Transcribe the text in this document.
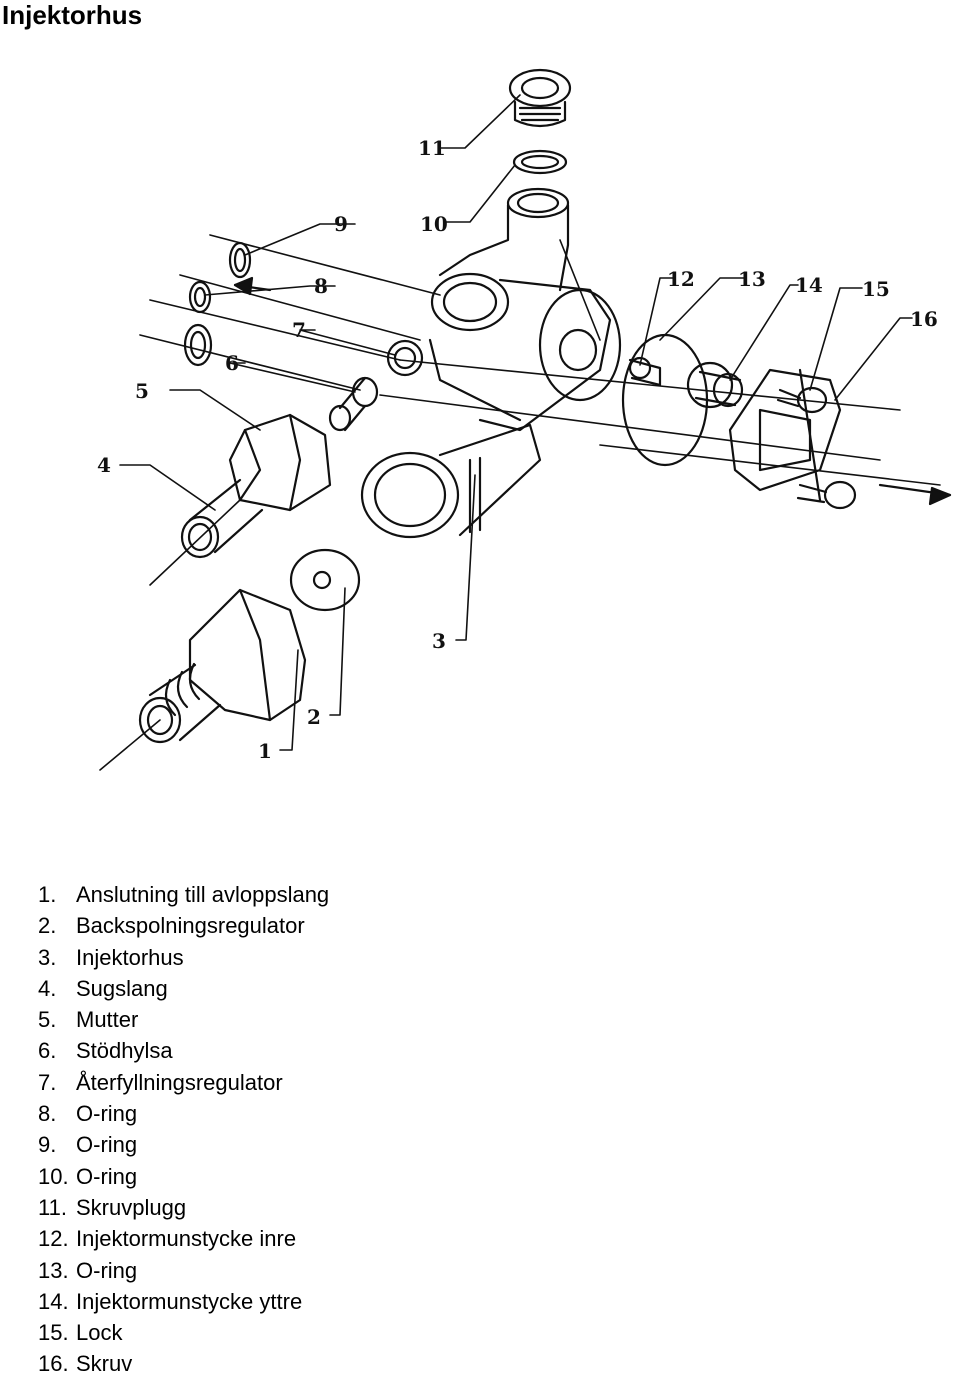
Injektorhus
1
2
3
4
5
6
7
8
9	10
11
12 13 14 15
16
1. Anslutning till avloppslang
2. Backspolningsregulator
3. Injektorhus
4. Sugslang
5. Mutter
6. Stödhylsa
7. Återfyllningsregulator
8. O-ring
9. O-ring
10. O-ring
11. Skruvplugg
12. Injektormunstycke inre
13. O-ring
14. Injektormunstycke yttre
15. Lock
16. Skruv
